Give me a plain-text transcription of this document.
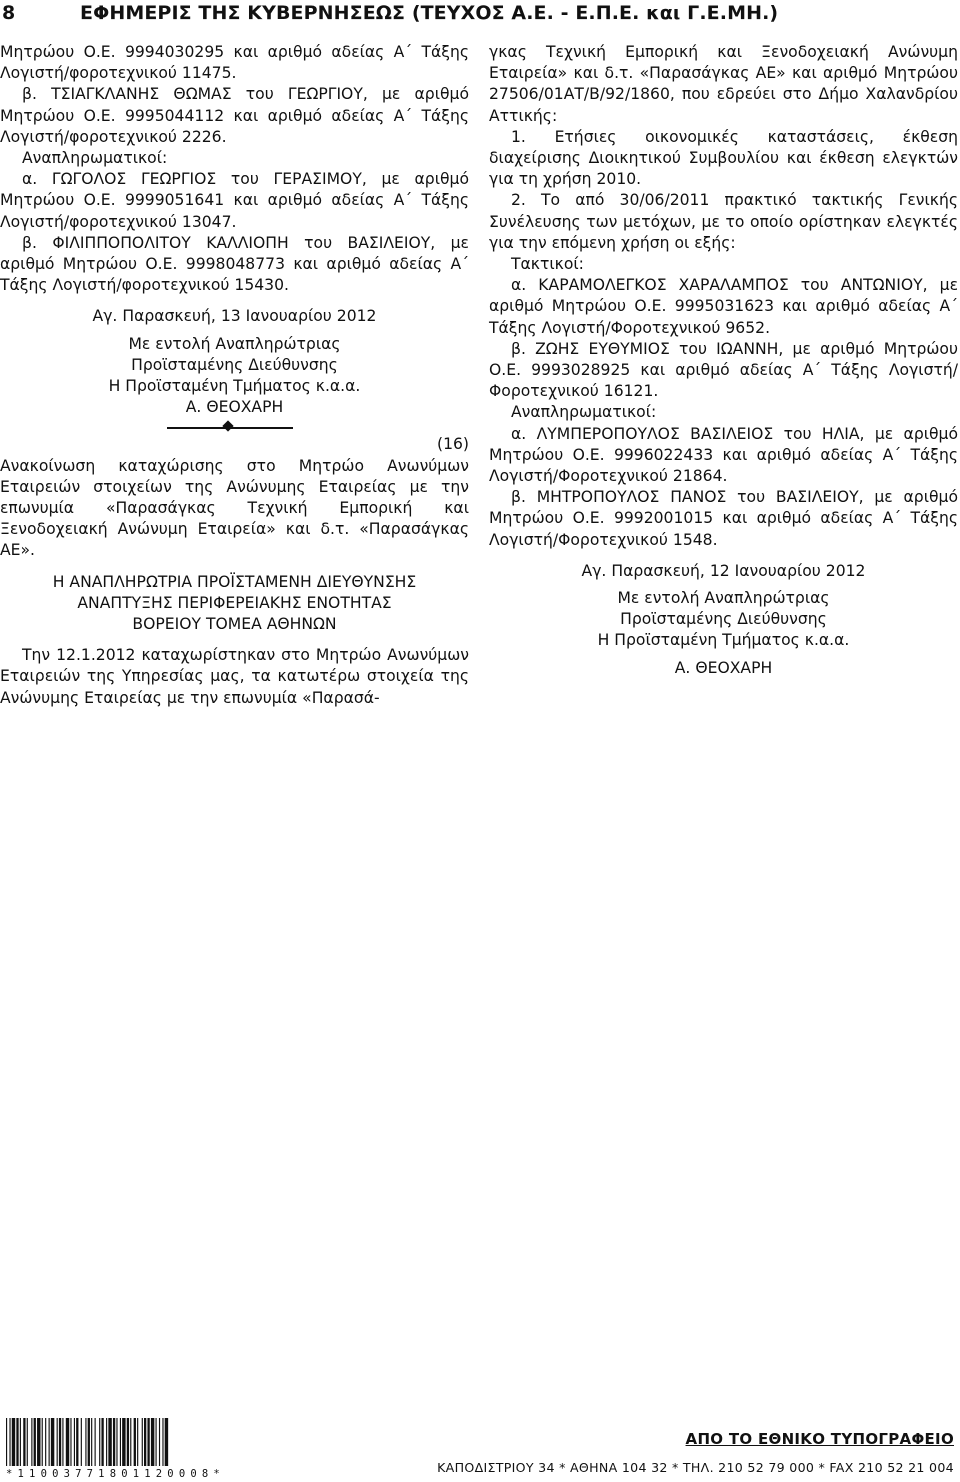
8	ΕΦΗΜΕΡΙΣ ΤΗΣ ΚΥΒΕΡΝΗΣΕΩΣ (ΤΕΥΧΟΣ Α.Ε. - Ε.Π.Ε. και Γ.Ε.ΜΗ.)

Μητρώου Ο.Ε. 9994030295 και αριθμό αδείας Α΄ Τάξης Λογιστή/φοροτεχνικού 11475.

β. ΤΣΙΑΓΚΛΑΝΗΣ ΘΩΜΑΣ του ΓΕΩΡΓΙΟΥ, με αριθμό Μητρώου Ο.Ε. 9995044112 και αριθμό αδείας Α΄ Τάξης Λογιστή/φοροτεχνικού 2226.

Αναπληρωματικοί:

α. ΓΩΓΟΛΟΣ ΓΕΩΡΓΙΟΣ του ΓΕΡΑΣΙΜΟΥ, με αριθμό Μητρώου Ο.Ε. 9999051641 και αριθμό αδείας Α΄ Τάξης Λογιστή/φοροτεχνικού 13047.

β. ΦΙΛΙΠΠΟΠΟΛΙΤΟΥ ΚΑΛΛΙΟΠΗ του ΒΑΣΙΛΕΙΟΥ, με αριθμό Μητρώου Ο.Ε. 9998048773 και αριθμό αδείας Α΄ Τάξης Λογιστή/φοροτεχνικού 15430.

Αγ. Παρασκευή, 13 Ιανουαρίου 2012

Με εντολή Αναπληρώτριας

Προϊσταμένης Διεύθυνσης

Η Προϊσταμένη Τμήματος κ.α.α.

Α. ΘΕΟΧΑΡΗ

(16)

Ανακοίνωση καταχώρισης στο Μητρώο Ανωνύμων Εταιρειών στοιχείων της Ανώνυμης Εταιρείας με την επωνυμία «Παρασάγκας Τεχνική Εμπορική και Ξενοδοχειακή Ανώνυμη Εταιρεία» και δ.τ. «Παρασάγκας ΑΕ».

Η ΑΝΑΠΛΗΡΩΤΡΙΑ ΠΡΟΪΣΤΑΜΕΝΗ ΔΙΕΥΘΥΝΣΗΣ

ΑΝΑΠΤΥΞΗΣ ΠΕΡΙΦΕΡΕΙΑΚΗΣ ΕΝΟΤΗΤΑΣ

ΒΟΡΕΙΟΥ ΤΟΜΕΑ ΑΘΗΝΩΝ

Την 12.1.2012 καταχωρίστηκαν στο Μητρώο Ανωνύμων Εταιρειών της Υπηρεσίας μας, τα κατωτέρω στοιχεία της Ανώνυμης Εταιρείας με την επωνυμία «Παρασά-

γκας Τεχνική Εμπορική και Ξενοδοχειακή Ανώνυμη Εταιρεία» και δ.τ. «Παρασάγκας ΑΕ» και αριθμό Μητρώου 27506/01ΑΤ/Β/92/1860, που εδρεύει στο Δήμο Χαλανδρίου Αττικής:

1. Ετήσιες οικονομικές καταστάσεις, έκθεση διαχείρισης Διοικητικού Συμβουλίου και έκθεση ελεγκτών για τη χρήση 2010.

2. Το από 30/06/2011 πρακτικό τακτικής Γενικής Συνέλευσης των μετόχων, με το οποίο ορίστηκαν ελεγκτές για την επόμενη χρήση οι εξής:

Τακτικοί:

α. ΚΑΡΑΜΟΛΕΓΚΟΣ ΧΑΡΑΛΑΜΠΟΣ του ΑΝΤΩΝΙΟΥ, με αριθμό Μητρώου Ο.Ε. 9995031623 και αριθμό αδείας Α΄ Τάξης Λογιστή/Φοροτεχνικού 9652.

β. ΖΩΗΣ ΕΥΘΥΜΙΟΣ του ΙΩΑΝΝΗ, με αριθμό Μητρώου Ο.Ε. 9993028925 και αριθμό αδείας Α΄ Τάξης Λογιστή/Φοροτεχνικού 16121.

Αναπληρωματικοί:

α. ΛΥΜΠΕΡΟΠΟΥΛΟΣ ΒΑΣΙΛΕΙΟΣ του ΗΛΙΑ, με αριθμό Μητρώου Ο.Ε. 9996022433 και αριθμό αδείας Α΄ Τάξης Λογιστή/Φοροτεχνικού 21864.

β. ΜΗΤΡΟΠΟΥΛΟΣ ΠΑΝΟΣ του ΒΑΣΙΛΕΙΟΥ, με αριθμό Μητρώου Ο.Ε. 9992001015 και αριθμό αδείας Α΄ Τάξης Λογιστή/Φοροτεχνικού 1548.

Αγ. Παρασκευή, 12 Ιανουαρίου 2012

Με εντολή Αναπληρώτριας

Προϊσταμένης Διεύθυνσης

Η Προϊσταμένη Τμήματος κ.α.α.

Α. ΘΕΟΧΑΡΗ

*11003771801120008*
ΑΠΟ ΤΟ ΕΘΝΙΚΟ ΤΥΠΟΓΡΑΦΕΙΟ
ΚΑΠΟΔΙΣΤΡΙΟΥ 34 * ΑΘΗΝΑ 104 32 * ΤΗΛ. 210 52 79 000 * FAX 210 52 21 004
